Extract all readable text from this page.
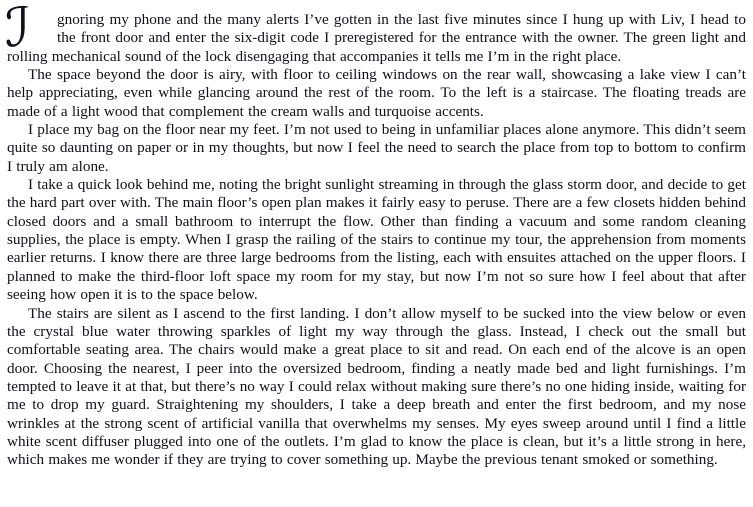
ℐ	gnoring my phone and the many alerts I’ve gotten in the last five minutes since I hung up with Liv, I head to the front door and enter the six-digit code I preregistered for the entrance with the owner. The green light and rolling mechanical sound of the lock disengaging that accompanies it tells me I’m in the right place.

The space beyond the door is airy, with floor to ceiling windows on the rear wall, showcasing a lake view I can’t help appreciating, even while glancing around the rest of the room. To the left is a staircase. The floating treads are made of a light wood that complement the cream walls and turquoise accents.

I place my bag on the floor near my feet. I’m not used to being in unfamiliar places alone anymore. This didn’t seem quite so daunting on paper or in my thoughts, but now I feel the need to search the place from top to bottom to confirm I truly am alone.

I take a quick look behind me, noting the bright sunlight streaming in through the glass storm door, and decide to get the hard part over with. The main floor’s open plan makes it fairly easy to peruse. There are a few closets hidden behind closed doors and a small bathroom to interrupt the flow. Other than finding a vacuum and some random cleaning supplies, the place is empty. When I grasp the railing of the stairs to continue my tour, the apprehension from moments earlier returns. I know there are three large bedrooms from the listing, each with ensuites attached on the upper floors. I planned to make the third-floor loft space my room for my stay, but now I’m not so sure how I feel about that after seeing how open it is to the space below.

The stairs are silent as I ascend to the first landing. I don’t allow myself to be sucked into the view below or even the crystal blue water throwing sparkles of light my way through the glass. Instead, I check out the small but comfortable seating area. The chairs would make a great place to sit and read. On each end of the alcove is an open door. Choosing the nearest, I peer into the oversized bedroom, finding a neatly made bed and light furnishings. I’m tempted to leave it at that, but there’s no way I could relax without making sure there’s no one hiding inside, waiting for me to drop my guard. Straightening my shoulders, I take a deep breath and enter the first bedroom, and my nose wrinkles at the strong scent of artificial vanilla that overwhelms my senses. My eyes sweep around until I find a little white scent diffuser plugged into one of the outlets. I’m glad to know the place is clean, but it’s a little strong in here, which makes me wonder if they are trying to cover something up. Maybe the previous tenant smoked or something.
